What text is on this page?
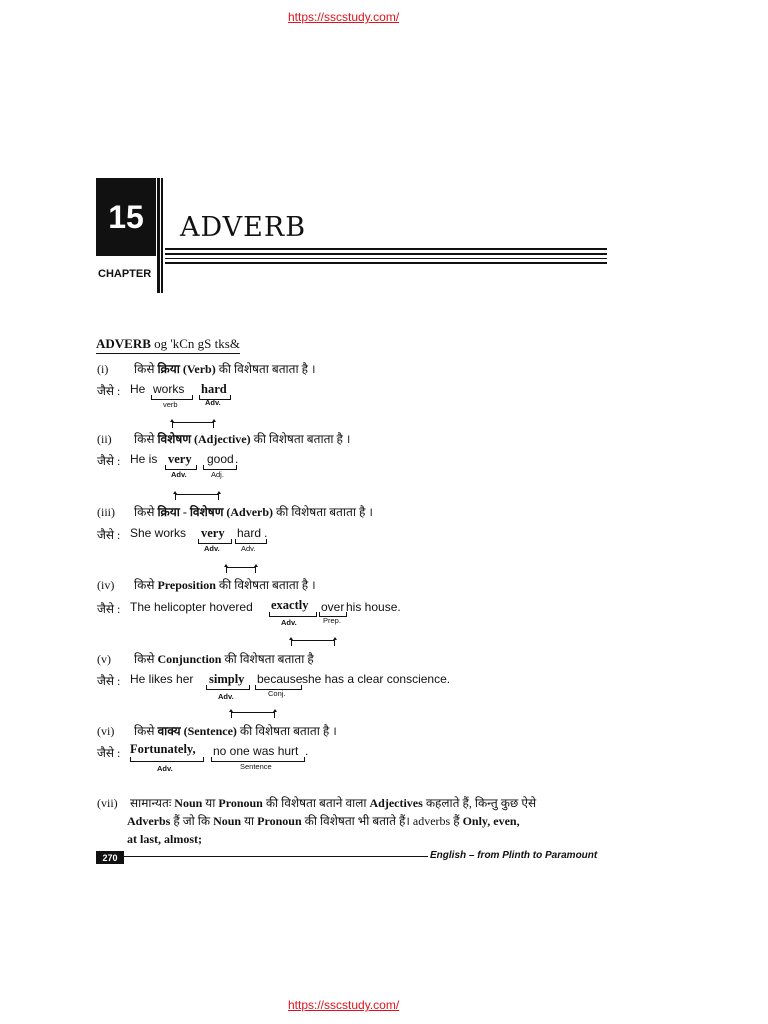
https://sscstudy.com/
15	ADVERB
CHAPTER
ADVERB og 'kCn gS tks&
(i) किसे क्रिया (Verb) की विशेषता बताता है ।
जैसे : He works hard
verb	Adv.
(ii) किसे विशेषण (Adjective) की विशेषता बताता है ।
जैसे : He is very good .
Adv.	Adj.
(iii) किसे क्रिया - विशेषण (Adverb) की विशेषता बताता है ।
जैसे : She works very hard .
Adv.	Adv.
(iv) किसे Preposition की विशेषता बताता है ।
जैसे : The helicopter hovered exactly over his house.
Adv.	Prep.
(v) किसे Conjunction की विशेषता बताता है
जैसे : He likes her simply because she has a clear conscience.
Adv.	Conj.
(vi) किसे वाक्य (Sentence) की विशेषता बताता है ।
जैसे : Fortunately, no one was hurt .
Adv.	Sentence
(vii) सामान्यतः Noun या Pronoun की विशेषता बताने वाला Adjectives कहलाते हैं, किन्तु कुछ ऐसे
Adverbs हैं जो कि Noun या Pronoun की विशेषता भी बताते हैं। adverbs हैं Only, even,
at last, almost;
270	English – from Plinth to Paramount
https://sscstudy.com/
